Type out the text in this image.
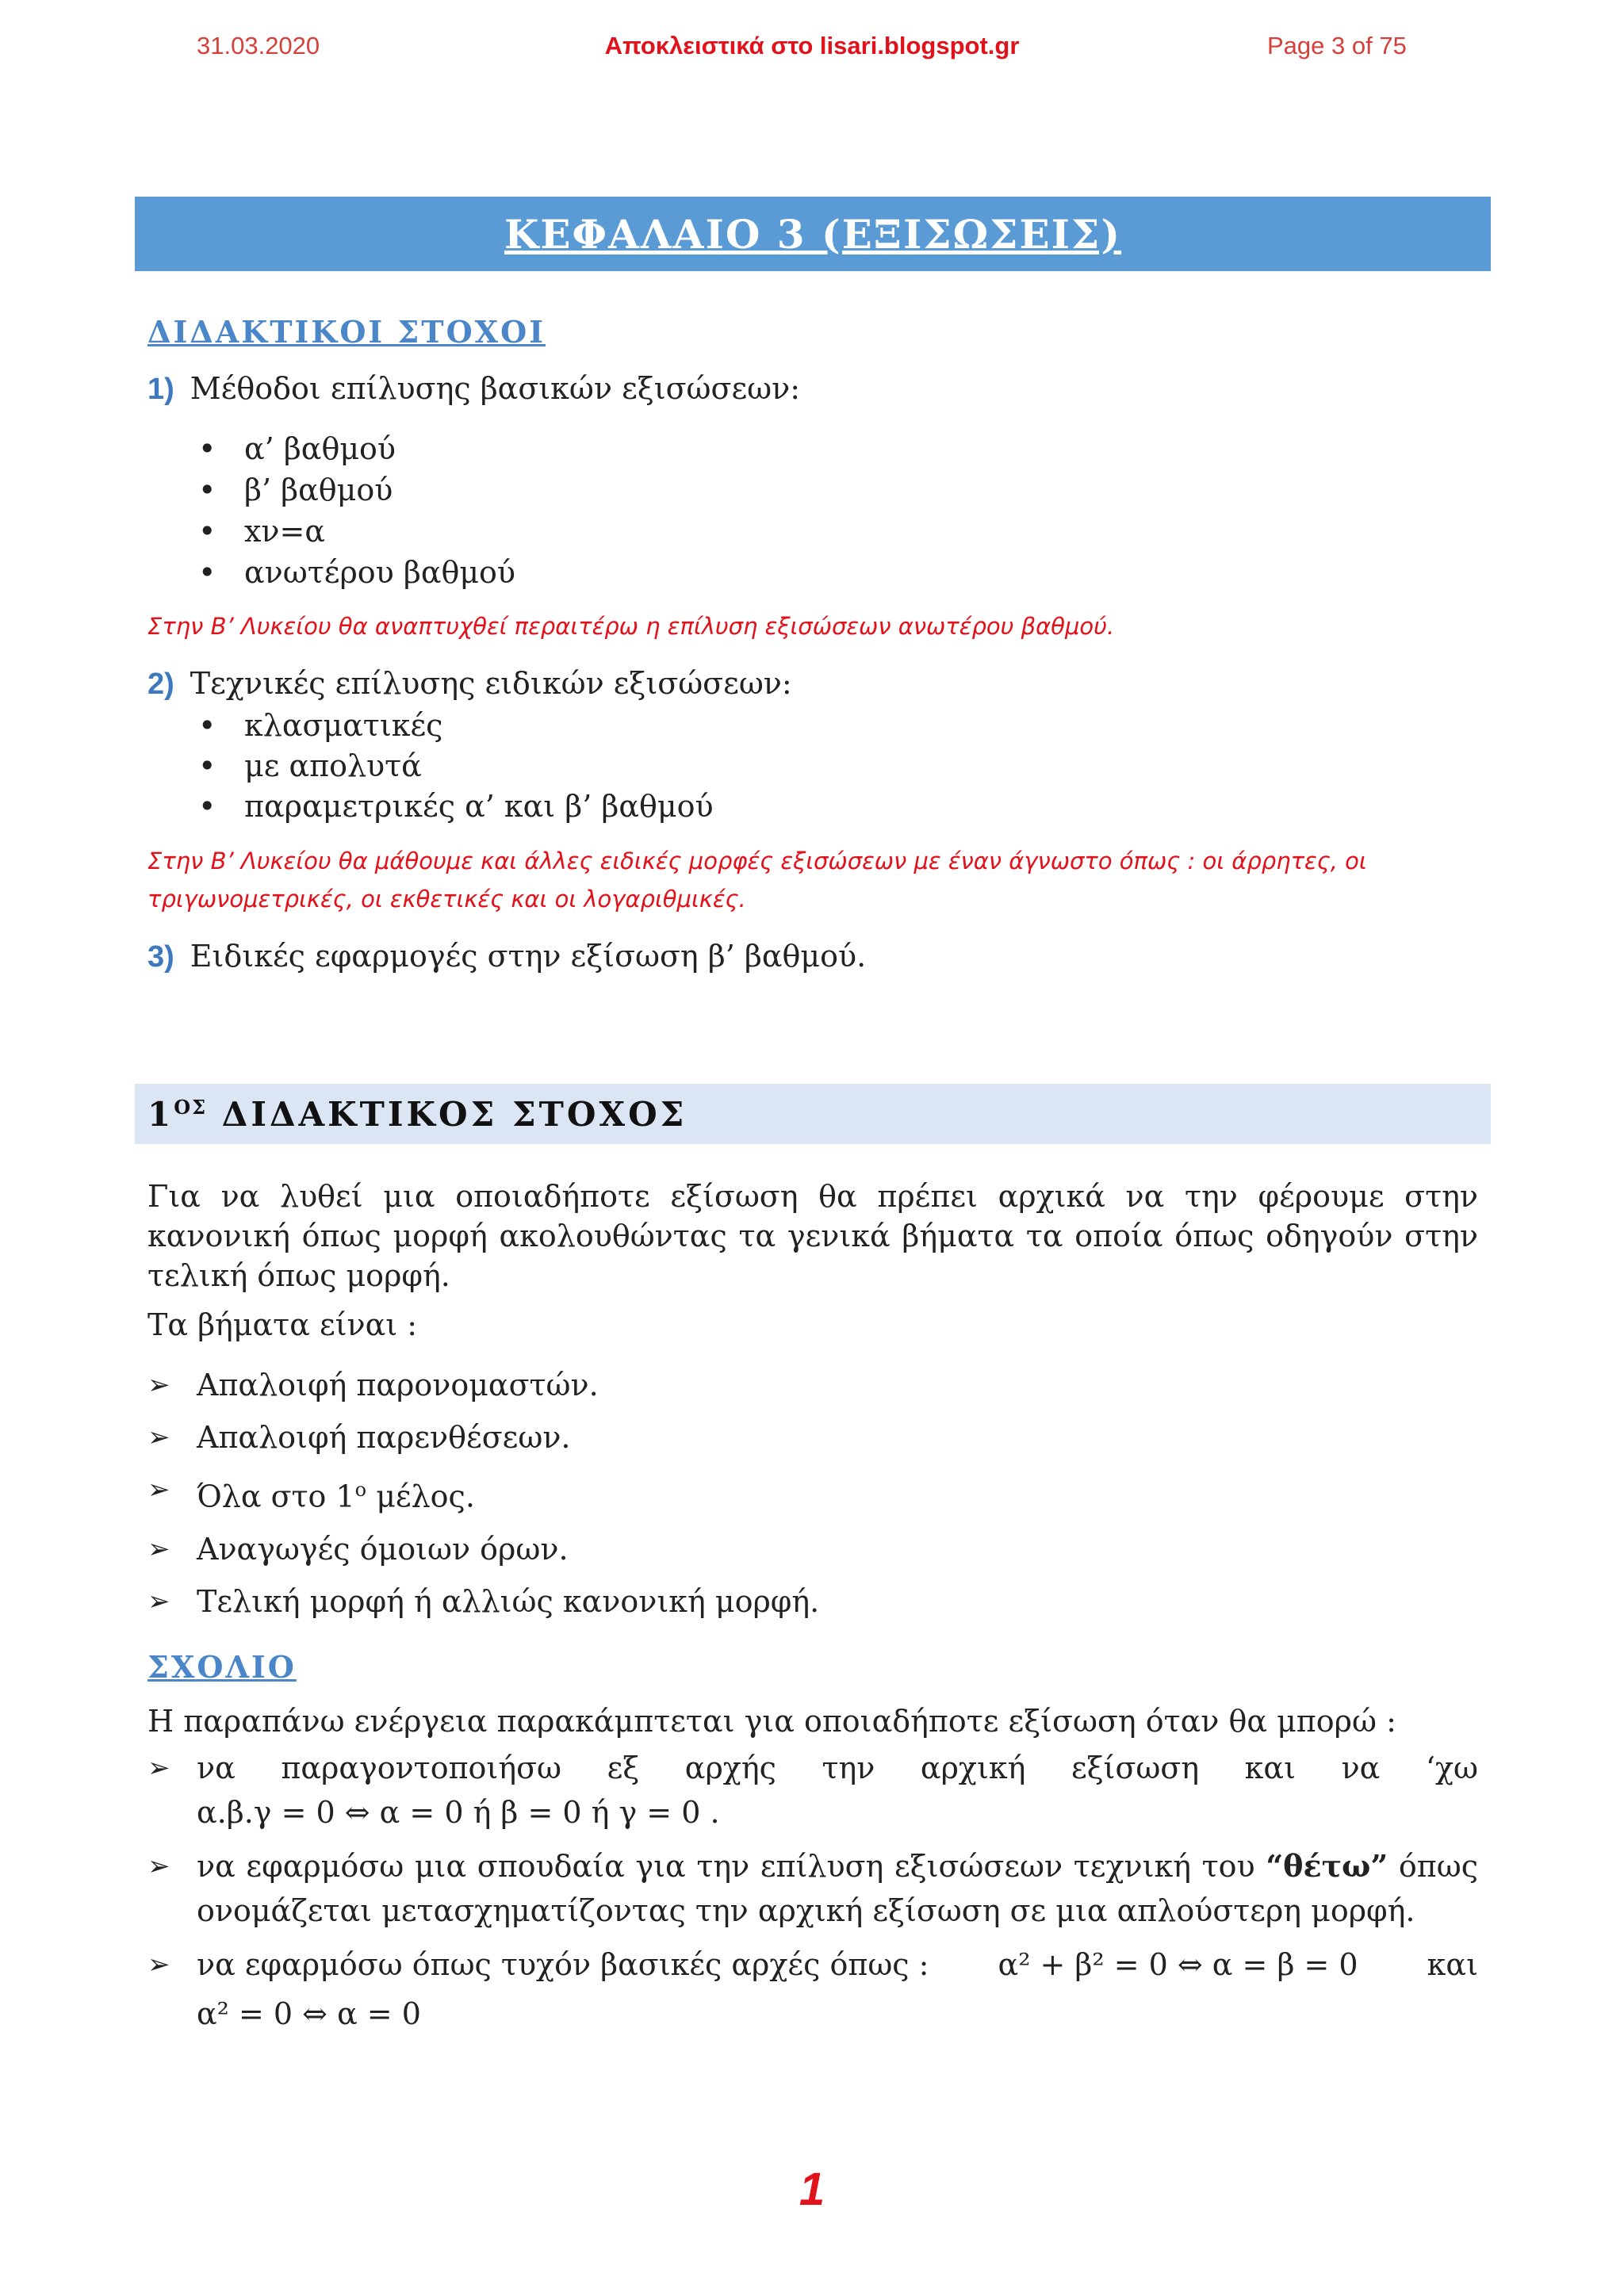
31.03.2020	Αποκλειστικά στο lisari.blogspot.gr	Page 3 of 75
ΚΕΦΑΛΑΙΟ 3 (ΕΞΙΣΩΣΕΙΣ)
ΔΙΔΑΚΤΙΚΟΙ ΣΤΟΧΟΙ
1) Μέθοδοι επίλυσης βασικών εξισώσεων:
• α’ βαθμού
• β’ βαθμού
• xν=α
• ανωτέρου βαθμού
Στην Β’ Λυκείου θα αναπτυχθεί περαιτέρω η επίλυση εξισώσεων ανωτέρου βαθμού.
2) Τεχνικές επίλυσης ειδικών εξισώσεων:
• κλασματικές
• με απολυτά
• παραμετρικές α’ και β’ βαθμού
Στην Β’ Λυκείου θα μάθουμε και άλλες ειδικές μορφές εξισώσεων με έναν άγνωστο όπως : οι άρρητες, οι τριγωνομετρικές, οι εκθετικές και οι λογαριθμικές.
3) Ειδικές εφαρμογές στην εξίσωση β’ βαθμού.
$1^{O\Sigma}$ ΔΙΔΑΚΤΙΚΟΣ ΣΤΟΧΟΣ
Για να λυθεί μια οποιαδήποτε εξίσωση θα πρέπει αρχικά να την φέρουμε στην κανονική όπως μορφή ακολουθώντας τα γενικά βήματα τα οποία όπως οδηγούν στην τελική όπως μορφή.
Τα βήματα είναι :
➢ Απαλοιφή παρονομαστών.
➢ Απαλοιφή παρενθέσεων.
➢ Όλα στο $1^o$ μέλος.
➢ Αναγωγές όμοιων όρων.
➢ Τελική μορφή ή αλλιώς κανονική μορφή.
ΣΧΟΛΙΟ
Η παραπάνω ενέργεια παρακάμπτεται για οποιαδήποτε εξίσωση όταν θα μπορώ :
➢ να παραγοντοποιήσω εξ αρχής την αρχική εξίσωση και να ‘χω
α.β.γ = 0 ⇔ α = 0 ή β = 0 ή γ = 0 .
➢ να εφαρμόσω μια σπουδαία για την επίλυση εξισώσεων τεχνική του “θέτω” όπως ονομάζεται μετασχηματίζοντας την αρχική εξίσωση σε μια απλούστερη μορφή.
➢ να εφαρμόσω όπως τυχόν βασικές αρχές όπως : α² + β² = 0 ⇔ α = β = 0 και
α² = 0 ⇔ α = 0
1
